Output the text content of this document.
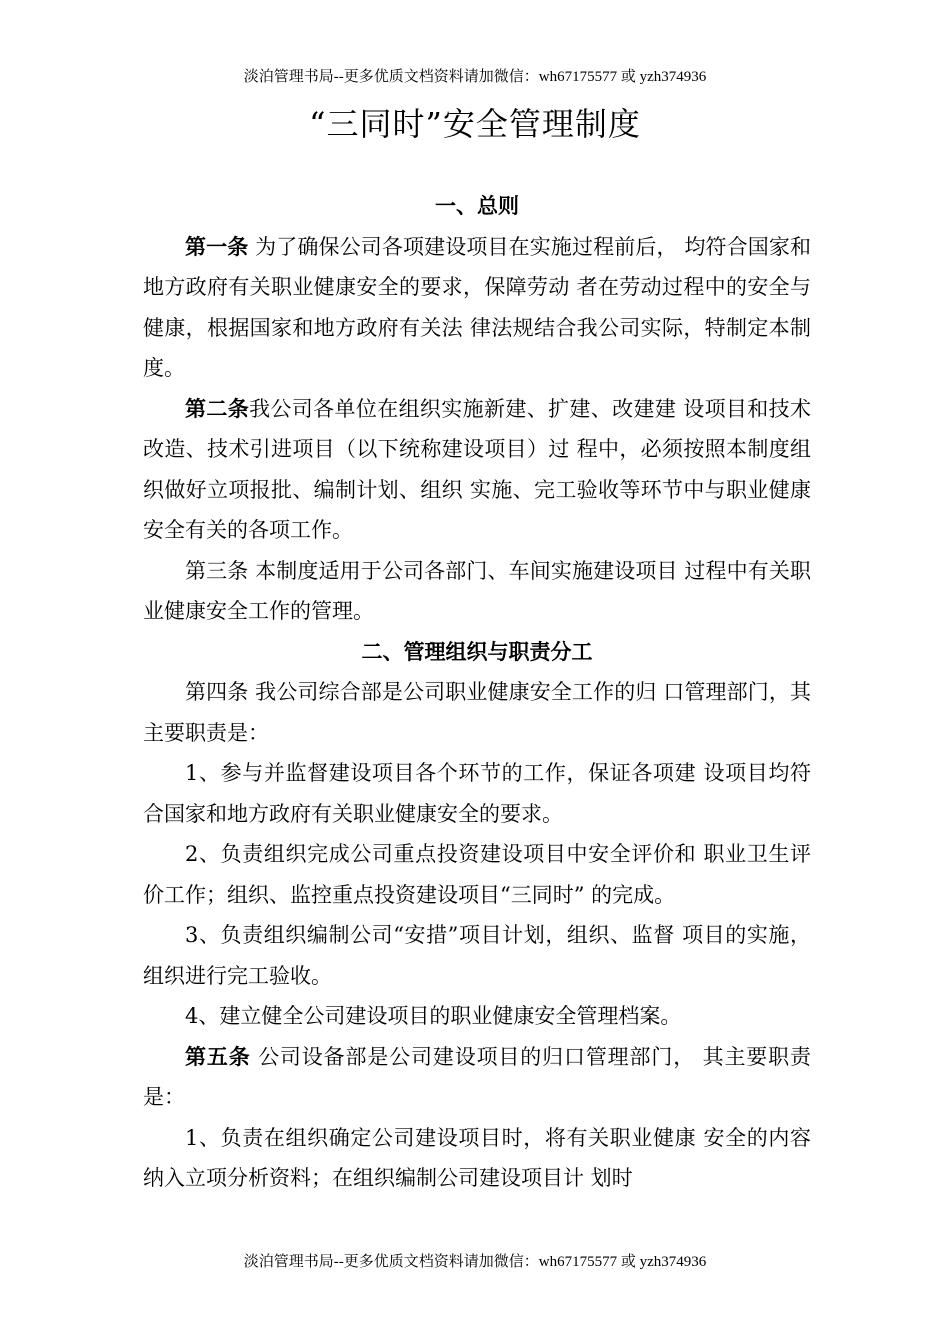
淡泊管理书局--更多优质文档资料请加微信：wh67175577 或 yzh374936
“三同时”安全管理制度
一、总则

第一条 为了确保公司各项建设项目在实施过程前后， 均符合国家和地方政府有关职业健康安全的要求，保障劳动 者在劳动过程中的安全与健康，根据国家和地方政府有关法 律法规结合我公司实际，特制定本制度。

第二条我公司各单位在组织实施新建、扩建、改建建 设项目和技术改造、技术引进项目（以下统称建设项目）过 程中，必须按照本制度组织做好立项报批、编制计划、组织 实施、完工验收等环节中与职业健康安全有关的各项工作。

第三条 本制度适用于公司各部门、车间实施建设项目 过程中有关职业健康安全工作的管理。

二、管理组织与职责分工

第四条 我公司综合部是公司职业健康安全工作的归 口管理部门，其主要职责是：

1、参与并监督建设项目各个环节的工作，保证各项建 设项目均符合国家和地方政府有关职业健康安全的要求。

2、负责组织完成公司重点投资建设项目中安全评价和 职业卫生评价工作；组织、监控重点投资建设项目“三同时” 的完成。

3、负责组织编制公司“安措”项目计划，组织、监督 项目的实施，组织进行完工验收。

4、建立健全公司建设项目的职业健康安全管理档案。

第五条 公司设备部是公司建设项目的归口管理部门， 其主要职责是：

1、负责在组织确定公司建设项目时，将有关职业健康 安全的内容纳入立项分析资料；在组织编制公司建设项目计 划时

淡泊管理书局--更多优质文档资料请加微信：wh67175577 或 yzh374936
